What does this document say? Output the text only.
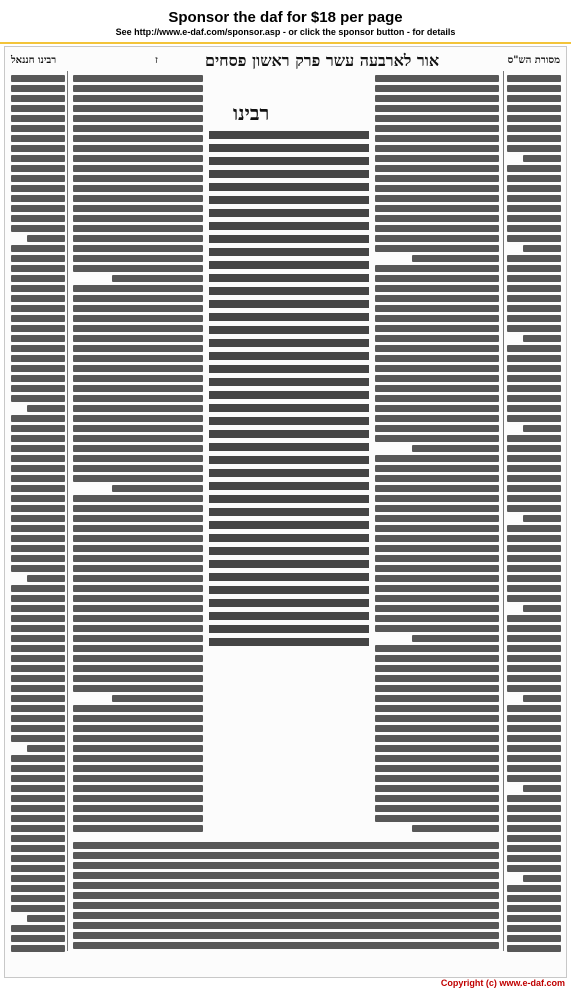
Sponsor the daf for $18 per page
See http://www.e-daf.com/sponsor.asp - or click the sponsor button - for details
אור לארבעה עשר פרק ראשון פסחים
ז
רבינו חננאל	מסורת הש"ס
רבינו
Copyright (c) www.e-daf.com
